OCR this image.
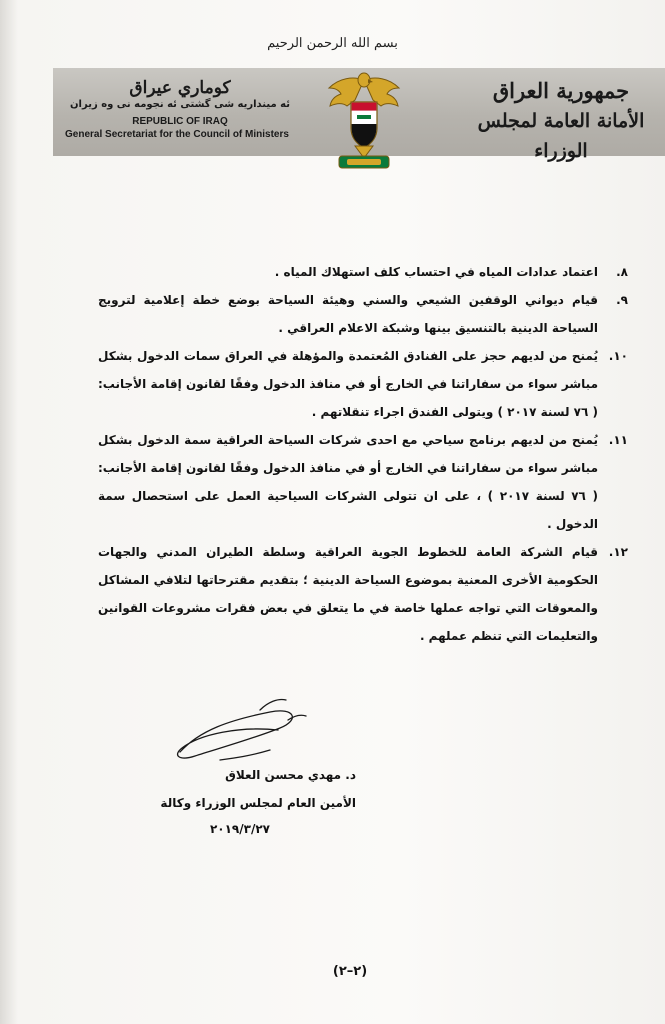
بسم الله الرحمن الرحيم
كوماري عيراق
ئه مينداريه شى گشتى ئه نجومه نى وه زيران
REPUBLIC OF IRAQ
General Secretariat for the Council of Ministers
جمهورية العراق
الأمانة العامة لمجلس الوزراء
٨.
اعتماد عدادات المياه في احتساب كلف استهلاك المياه .
٩.
قيام ديواني الوقفين الشيعي والسني وهيئة السياحة بوضع خطة إعلامية لترويج السياحة الدينية بالتنسيق بينها وشبكة الاعلام العراقي .
١٠.
يُمنح من لديهم حجز على الفنادق المُعتمدة والمؤهلة في العراق سمات الدخول بشكل مباشر سواء من سفاراتنا في الخارج أو في منافذ الدخول وفقًا لقانون إقامة الأجانب: ( ٧٦ لسنة ٢٠١٧ ) ويتولى الفندق اجراء تنقلاتهم .
١١.
يُمنح من لديهم برنامج سياحي مع احدى شركات السياحة العراقية سمة الدخول بشكل مباشر سواء من سفاراتنا في الخارج أو في منافذ الدخول وفقًا لقانون إقامة الأجانب: ( ٧٦ لسنة ٢٠١٧ ) ، على ان تتولى الشركات السياحية العمل على استحصال سمة الدخول .
١٢.
قيام الشركة العامة للخطوط الجوية العراقية وسلطة الطيران المدني والجهات الحكومية الأخرى المعنية بموضوع السياحة الدينية ؛ بتقديم مقترحاتها لتلافي المشاكل والمعوقات التي تواجه عملها خاصة في ما يتعلق في بعض فقرات مشروعات القوانين والتعليمات التي تنظم عملهم .
د. مهدي محسن العلاق
الأمين العام لمجلس الوزراء وكالة
٢٠١٩/٣/٢٧
(٢–٢)
